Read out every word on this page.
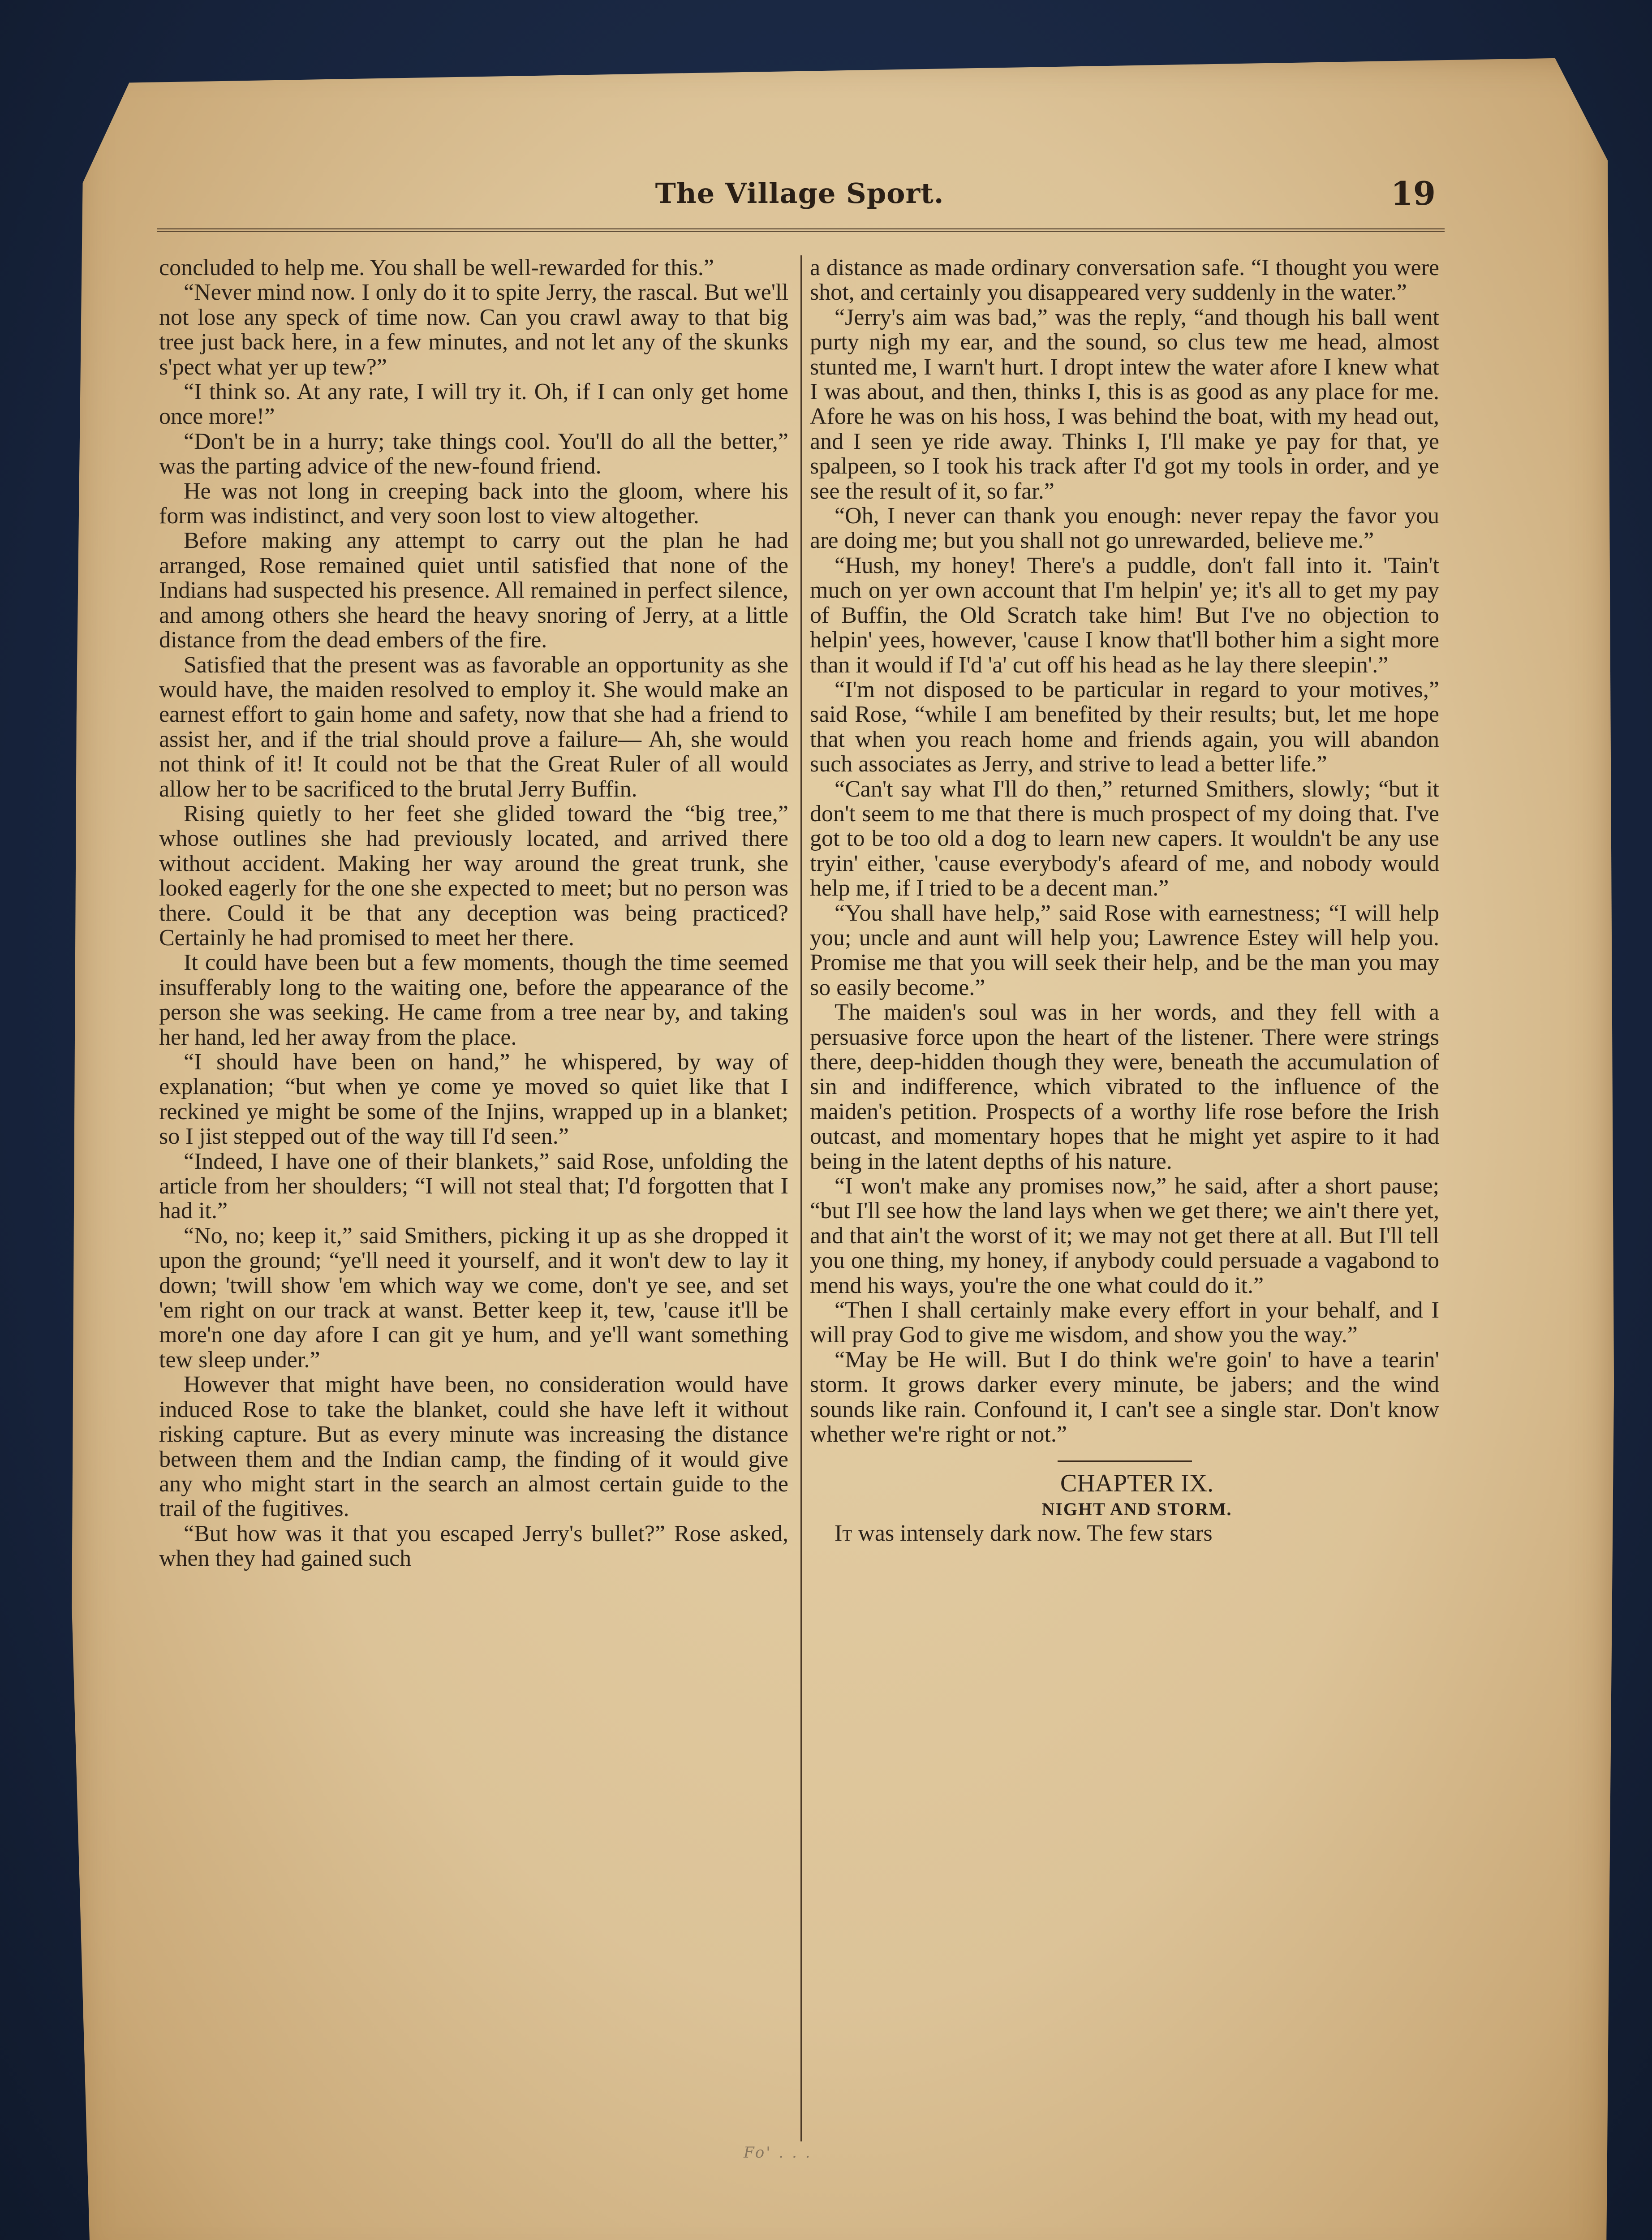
The Village Sport.	19

concluded to help me. You shall be well-rewarded for this.”

“Never mind now. I only do it to spite Jerry, the rascal. But we'll not lose any speck of time now. Can you crawl away to that big tree just back here, in a few minutes, and not let any of the skunks s'pect what yer up tew?”

“I think so. At any rate, I will try it. Oh, if I can only get home once more!”

“Don't be in a hurry; take things cool. You'll do all the better,” was the parting advice of the new-found friend.

He was not long in creeping back into the gloom, where his form was indistinct, and very soon lost to view altogether.

Before making any attempt to carry out the plan he had arranged, Rose remained quiet until satisfied that none of the Indians had suspected his presence. All remained in perfect silence, and among others she heard the heavy snoring of Jerry, at a little distance from the dead embers of the fire.

Satisfied that the present was as favorable an opportunity as she would have, the maiden resolved to employ it. She would make an earnest effort to gain home and safety, now that she had a friend to assist her, and if the trial should prove a failure— Ah, she would not think of it! It could not be that the Great Ruler of all would allow her to be sacrificed to the brutal Jerry Buffin.

Rising quietly to her feet she glided toward the “big tree,” whose outlines she had previously located, and arrived there without accident. Making her way around the great trunk, she looked eagerly for the one she expected to meet; but no person was there. Could it be that any deception was being practiced? Certainly he had promised to meet her there.

It could have been but a few moments, though the time seemed insufferably long to the waiting one, before the appearance of the person she was seeking. He came from a tree near by, and taking her hand, led her away from the place.

“I should have been on hand,” he whispered, by way of explanation; “but when ye come ye moved so quiet like that I reckined ye might be some of the Injins, wrapped up in a blanket; so I jist stepped out of the way till I'd seen.”

“Indeed, I have one of their blankets,” said Rose, unfolding the article from her shoulders; “I will not steal that; I'd forgotten that I had it.”

“No, no; keep it,” said Smithers, picking it up as she dropped it upon the ground; “ye'll need it yourself, and it won't dew to lay it down; 'twill show 'em which way we come, don't ye see, and set 'em right on our track at wanst. Better keep it, tew, 'cause it'll be more'n one day afore I can git ye hum, and ye'll want something tew sleep under.”

However that might have been, no consideration would have induced Rose to take the blanket, could she have left it without risking capture. But as every minute was increasing the distance between them and the Indian camp, the finding of it would give any who might start in the search an almost certain guide to the trail of the fugitives.

“But how was it that you escaped Jerry's bullet?” Rose asked, when they had gained such

a distance as made ordinary conversation safe. “I thought you were shot, and certainly you disappeared very suddenly in the water.”

“Jerry's aim was bad,” was the reply, “and though his ball went purty nigh my ear, and the sound, so clus tew me head, almost stunted me, I warn't hurt. I dropt intew the water afore I knew what I was about, and then, thinks I, this is as good as any place for me. Afore he was on his hoss, I was behind the boat, with my head out, and I seen ye ride away. Thinks I, I'll make ye pay for that, ye spalpeen, so I took his track after I'd got my tools in order, and ye see the result of it, so far.”

“Oh, I never can thank you enough: never repay the favor you are doing me; but you shall not go unrewarded, believe me.”

“Hush, my honey! There's a puddle, don't fall into it. 'Tain't much on yer own account that I'm helpin' ye; it's all to get my pay of Buffin, the Old Scratch take him! But I've no objection to helpin' yees, however, 'cause I know that'll bother him a sight more than it would if I'd 'a' cut off his head as he lay there sleepin'.”

“I'm not disposed to be particular in regard to your motives,” said Rose, “while I am benefited by their results; but, let me hope that when you reach home and friends again, you will abandon such associates as Jerry, and strive to lead a better life.”

“Can't say what I'll do then,” returned Smithers, slowly; “but it don't seem to me that there is much prospect of my doing that. I've got to be too old a dog to learn new capers. It wouldn't be any use tryin' either, 'cause everybody's afeard of me, and nobody would help me, if I tried to be a decent man.”

“You shall have help,” said Rose with earnestness; “I will help you; uncle and aunt will help you; Lawrence Estey will help you. Promise me that you will seek their help, and be the man you may so easily become.”

The maiden's soul was in her words, and they fell with a persuasive force upon the heart of the listener. There were strings there, deep-hidden though they were, beneath the accumulation of sin and indifference, which vibrated to the influence of the maiden's petition. Prospects of a worthy life rose before the Irish outcast, and momentary hopes that he might yet aspire to it had being in the latent depths of his nature.

“I won't make any promises now,” he said, after a short pause; “but I'll see how the land lays when we get there; we ain't there yet, and that ain't the worst of it; we may not get there at all. But I'll tell you one thing, my honey, if anybody could persuade a vagabond to mend his ways, you're the one what could do it.”

“Then I shall certainly make every effort in your behalf, and I will pray God to give me wisdom, and show you the way.”

“May be He will. But I do think we're goin' to have a tearin' storm. It grows darker every minute, be jabers; and the wind sounds like rain. Confound it, I can't see a single star. Don't know whether we're right or not.”

CHAPTER IX.

NIGHT AND STORM.

It was intensely dark now. The few stars

Fo' . . .
